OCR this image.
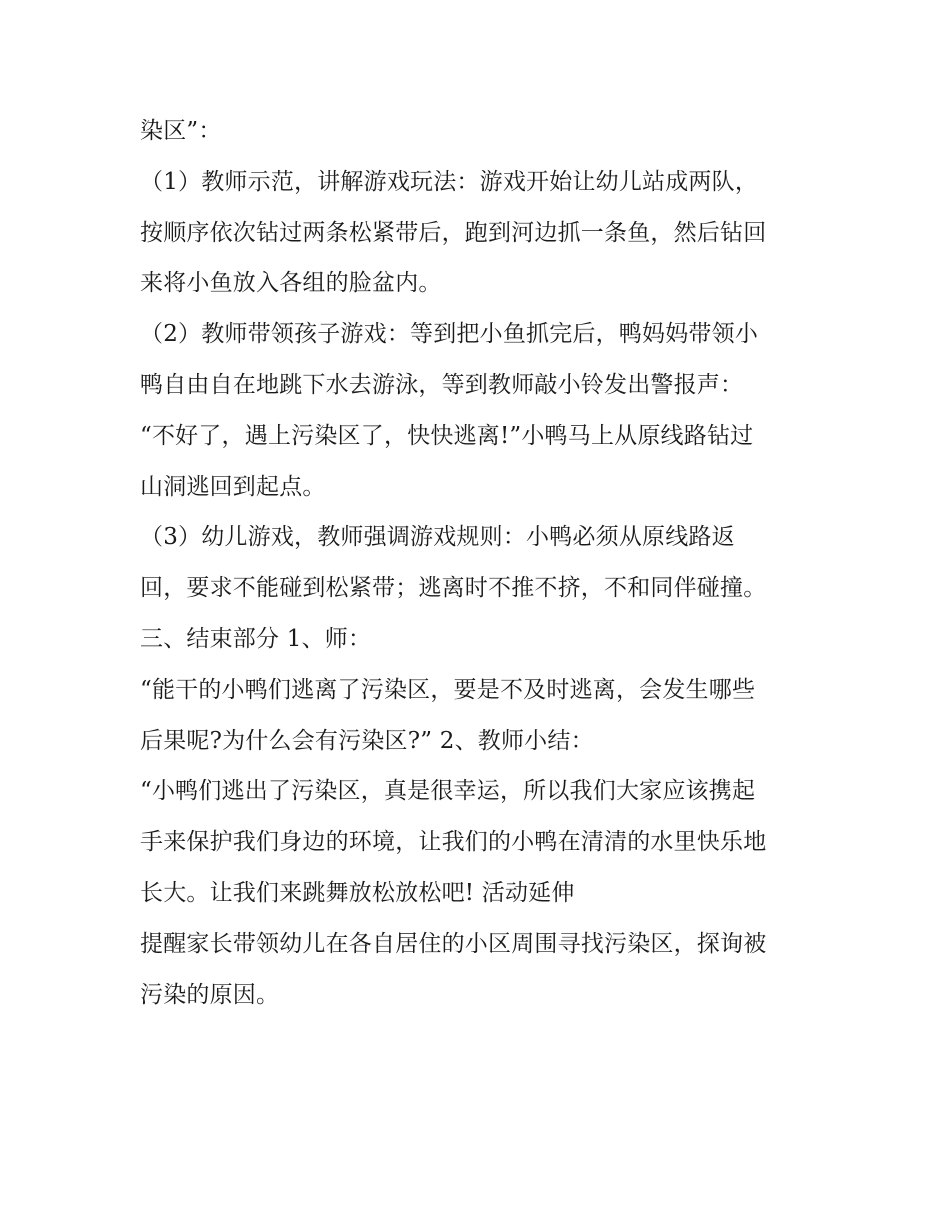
染区”：
（1）教师示范，讲解游戏玩法：游戏开始让幼儿站成两队，
按顺序依次钻过两条松紧带后，跑到河边抓一条鱼，然后钻回
来将小鱼放入各组的脸盆内。
（2）教师带领孩子游戏：等到把小鱼抓完后，鸭妈妈带领小
鸭自由自在地跳下水去游泳，等到教师敲小铃发出警报声：
“不好了，遇上污染区了，快快逃离!”小鸭马上从原线路钻过
山洞逃回到起点。
（3）幼儿游戏，教师强调游戏规则：小鸭必须从原线路返
回，要求不能碰到松紧带；逃离时不推不挤，不和同伴碰撞。
三、结束部分 1、师：
“能干的小鸭们逃离了污染区，要是不及时逃离，会发生哪些
后果呢?为什么会有污染区?” 2、教师小结：
“小鸭们逃出了污染区，真是很幸运，所以我们大家应该携起
手来保护我们身边的环境，让我们的小鸭在清清的水里快乐地
长大。让我们来跳舞放松放松吧! 活动延伸
提醒家长带领幼儿在各自居住的小区周围寻找污染区，探询被
污染的原因。
